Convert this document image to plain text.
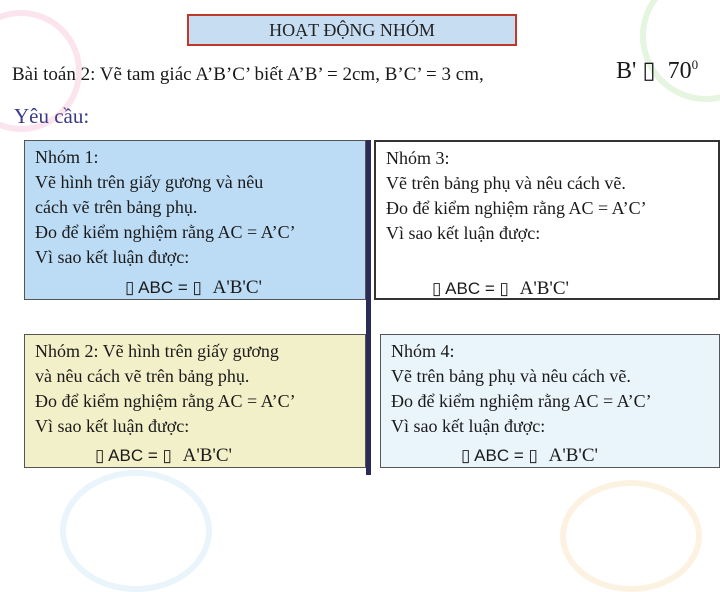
HOẠT ĐỘNG NHÓM
Bài toán 2: Vẽ tam giác A’B’C’ biết A’B’ = 2cm, B’C’ = 3 cm,	B' ▯ $70^0$
Yêu cầu:
Nhóm 1:
Vẽ hình trên giấy gương và nêu
cách vẽ trên bảng phụ.
Đo để kiểm nghiệm rằng AC = A’C’
Vì sao kết luận được:
▯ ABC = ▯ A'B'C'
Nhóm 2: Vẽ hình trên giấy gương
và nêu cách vẽ trên bảng phụ.
Đo để kiểm nghiệm rằng AC = A’C’
Vì sao kết luận được:
▯ ABC = ▯ A'B'C'
Nhóm 3:
Vẽ trên bảng phụ và nêu cách vẽ.
Đo để kiểm nghiệm rằng AC = A’C’
Vì sao kết luận được:
▯ ABC = ▯ A'B'C'
Nhóm 4:
Vẽ trên bảng phụ và nêu cách vẽ.
Đo để kiểm nghiệm rằng AC = A’C’
Vì sao kết luận được:
▯ ABC = ▯ A'B'C'
